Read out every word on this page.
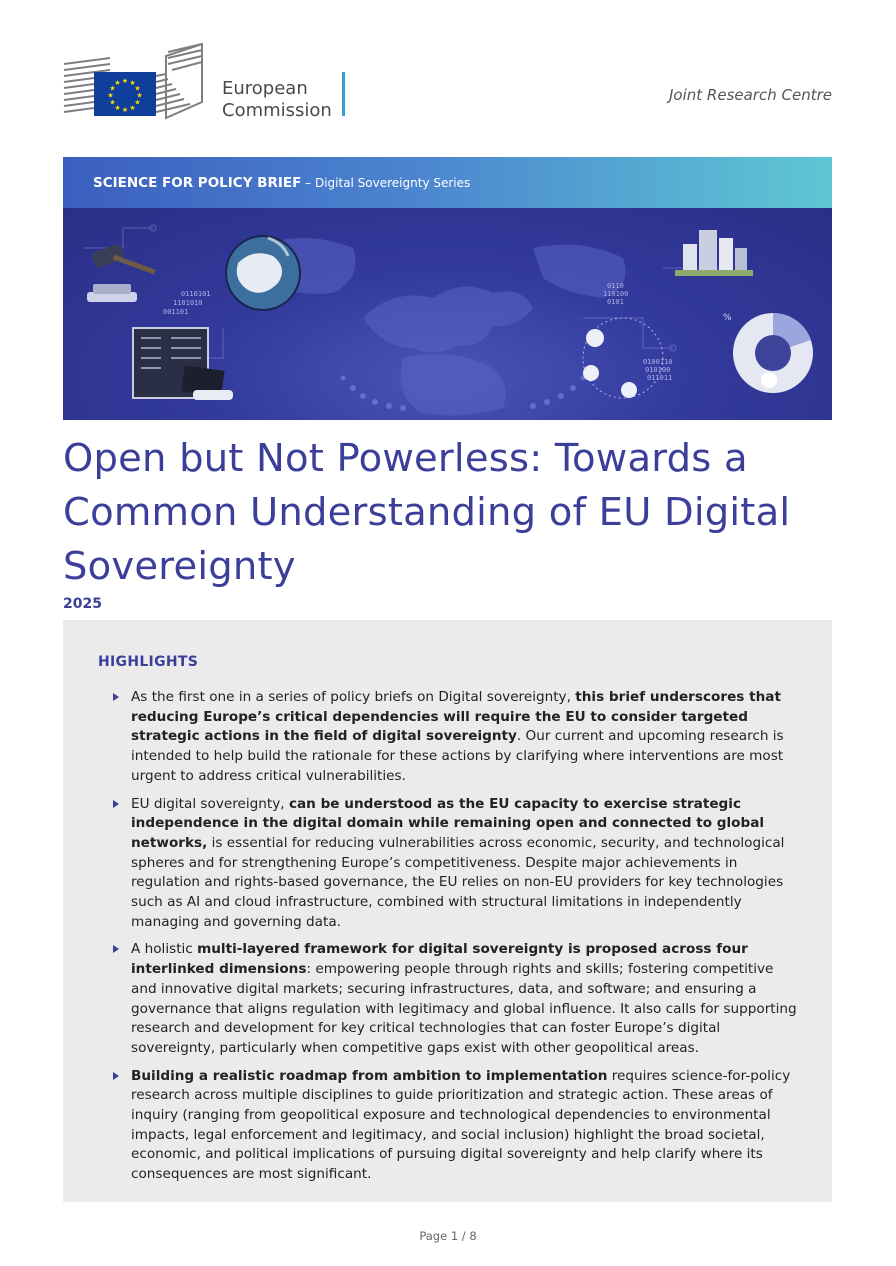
★ ★
★
★
★
★
★
★
★
★
★
★	European
Commission
Joint Research Centre
SCIENCE FOR POLICY BRIEF – Digital Sovereignty Series
0110101
1101010
001101
%
0100110
010100
011011
0110
110100
0101
Open but Not Powerless: Towards a
Common Understanding of EU Digital
Sovereignty
2025
HIGHLIGHTS
As the first one in a series of policy briefs on Digital sovereignty, this brief underscores that reducing Europe’s critical dependencies will require the EU to consider targeted strategic actions in the field of digital sovereignty. Our current and upcoming research is intended to help build the rationale for these actions by clarifying where interventions are most urgent to address critical vulnerabilities.
EU digital sovereignty, can be understood as the EU capacity to exercise strategic independence in the digital domain while remaining open and connected to global networks, is essential for reducing vulnerabilities across economic, security, and technological spheres and for strengthening Europe’s competitiveness. Despite major achievements in regulation and rights-based governance, the EU relies on non-EU providers for key technologies such as AI and cloud infrastructure, combined with structural limitations in independently managing and governing data.
A holistic multi-layered framework for digital sovereignty is proposed across four interlinked dimensions: empowering people through rights and skills; fostering competitive and innovative digital markets; securing infrastructures, data, and software; and ensuring a governance that aligns regulation with legitimacy and global influence. It also calls for supporting research and development for key critical technologies that can foster Europe’s digital sovereignty, particularly when competitive gaps exist with other geopolitical areas.
Building a realistic roadmap from ambition to implementation requires science-for-policy research across multiple disciplines to guide prioritization and strategic action. These areas of inquiry (ranging from geopolitical exposure and technological dependencies to environmental impacts, legal enforcement and legitimacy, and social inclusion) highlight the broad societal, economic, and political implications of pursuing digital sovereignty and help clarify where its consequences are most significant.
Page 1 / 8
